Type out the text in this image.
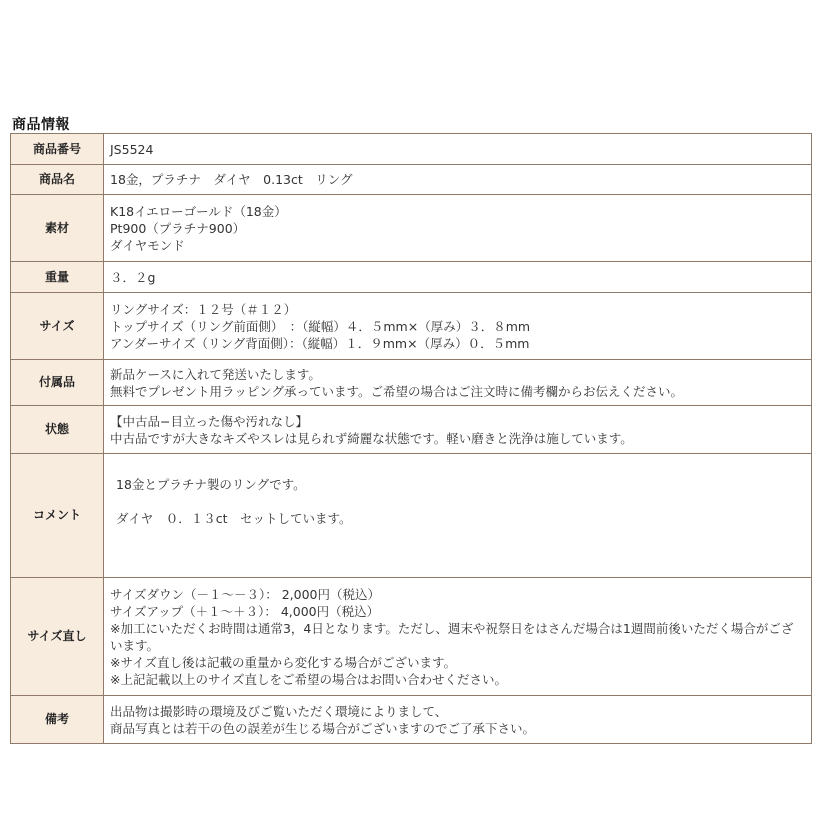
商品情報
商品番号	JS5524

商品名	18金，プラチナ　ダイヤ　0.13ct　リング

素材	K18イエローゴールド（18金）
Pt900（プラチナ900）
ダイヤモンド

重量	３．２g

サイズ	リングサイズ：１２号（＃１２）
トップサイズ（リング前面側）　：（縦幅）４．５mm×（厚み）３．８mm
アンダーサイズ（リング背面側）：（縦幅）１．９mm×（厚み）０．５mm

付属品	新品ケースに入れて発送いたします。
無料でプレゼント用ラッピング承っています。ご希望の場合はご注文時に備考欄からお伝えください。

状態	【中古品−目立った傷や汚れなし】
中古品ですが大きなキズやスレは見られず綺麗な状態です。軽い磨きと洗浄は施しています。

コメント	18金とプラチナ製のリングです。
ダイヤ　０．１３ct　セットしています。

サイズ直し	サイズダウン（－１～－３）： 2,000円（税込）
サイズアップ（＋１～＋３）： 4,000円（税込）
※加工にいただくお時間は通常3，4日となります。ただし、週末や祝祭日をはさんだ場合は1週間前後いただく場合がございます。
※サイズ直し後は記載の重量から変化する場合がございます。
※上記記載以上のサイズ直しをご希望の場合はお問い合わせください。

備考	出品物は撮影時の環境及びご覧いただく環境によりまして、
商品写真とは若干の色の誤差が生じる場合がございますのでご了承下さい。
